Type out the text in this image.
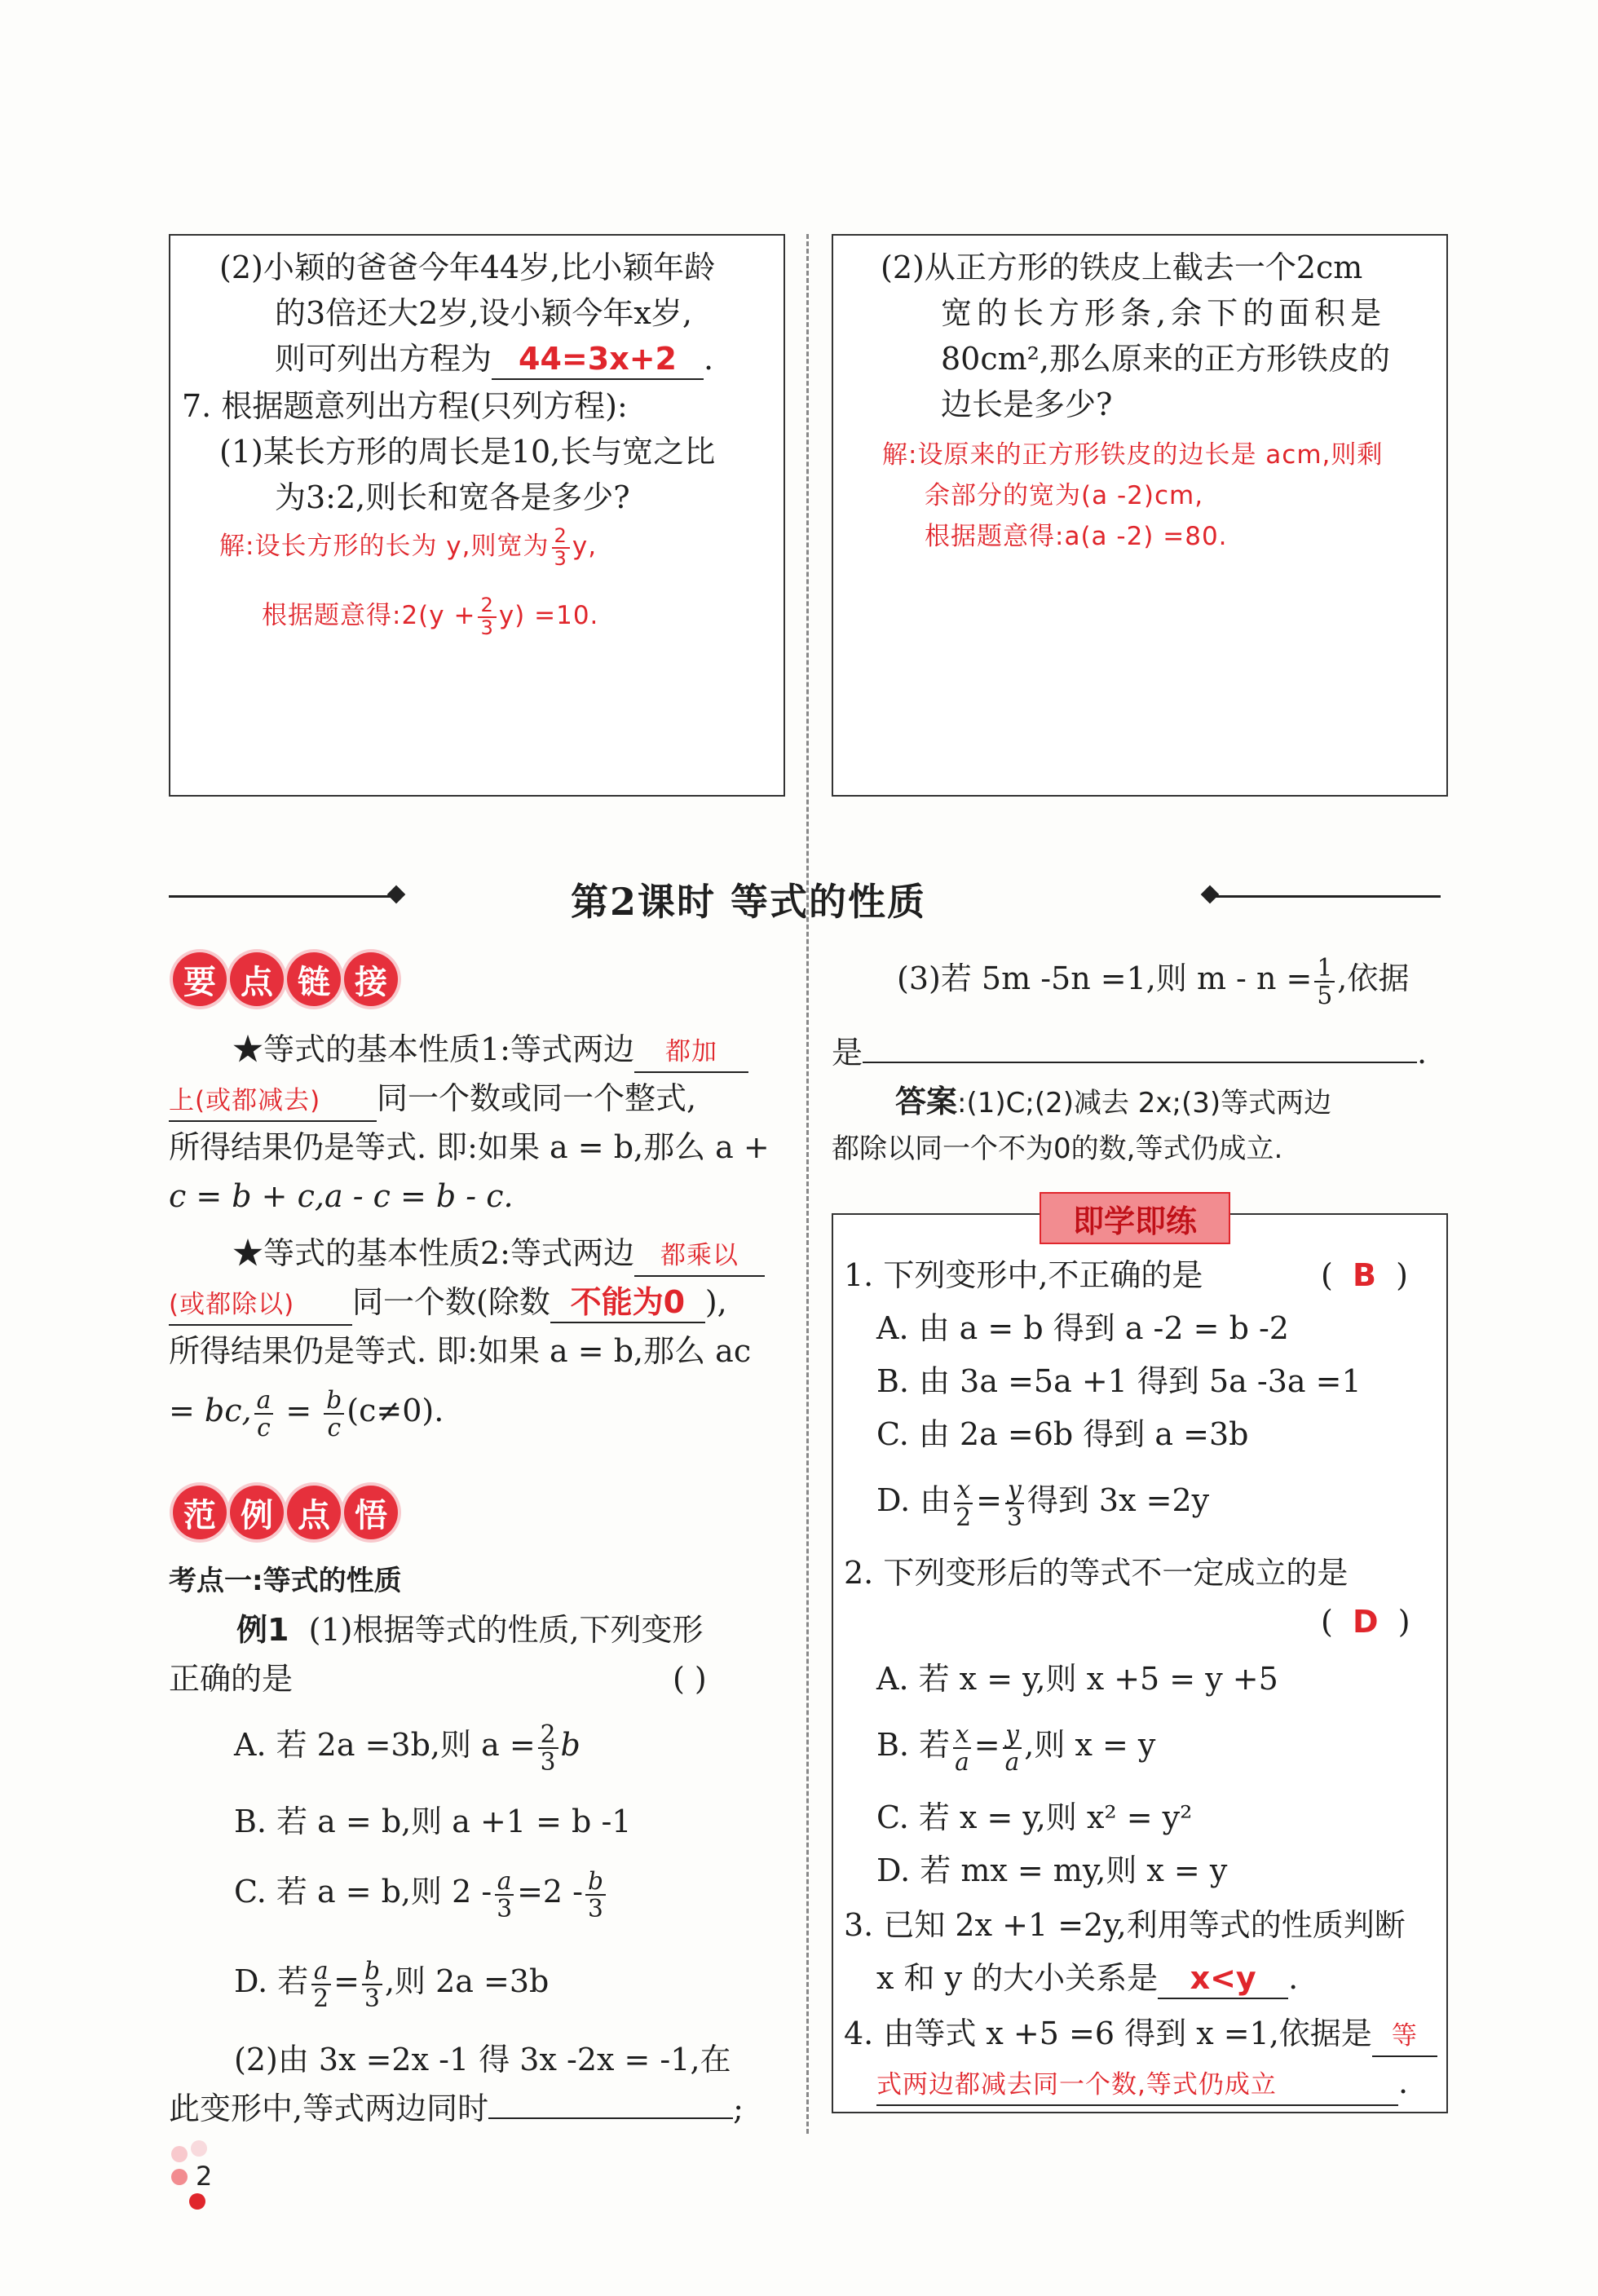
(2)小颖的爸爸今年44岁,比小颖年龄
的3倍还大2岁,设小颖今年x岁,
则可列出方程为 44=3x+2 .
7. 根据题意列出方程(只列方程):
(1)某长方形的周长是10,长与宽之比
为3:2,则长和宽各是多少?
解:设长方形的长为 y,则宽为 $\frac{2}{3} y$,
根据题意得:2(y + $\frac{2}{3} y) =10$.
(2)从正方形的铁皮上截去一个2cm
宽的长方形条,余下的面积是
80cm²,那么原来的正方形铁皮的
边长是多少?
解:设原来的正方形铁皮的边长是 acm,则剩
余部分的宽为(a -2)cm,
根据题意得:a(a -2) =80.
第2课时 等式的性质
要 点 链 接
★等式的基本性质1:等式两边 都加
上(或都减去) 同一个数或同一个整式,
所得结果仍是等式. 即:如果 a = b,那么 a +
c = b + c,a - c = b - c.
★等式的基本性质2:等式两边 都乘以
(或都除以) 同一个数(除数 不能为0 ),
所得结果仍是等式. 即:如果 a = b,那么 ac
= bc, $\frac{a}{c} = \frac{b}{c} (c\ne 0)$.
范 例 点 悟
考点一:等式的性质
例1 (1)根据等式的性质,下列变形
正确的是	( )
A. 若 2a =3b,则 $a = \frac{2}{3}$ b
B. 若 a = b,则 a +1 = b -1
C. 若 a = b,则 $2 - \frac{a}{3} =2 - \frac{b}{3}$
D. 若 $\frac{a}{2} = \frac{b}{3}$ ,则 2a =3b
(2)由 3x =2x -1 得 3x -2x = -1,在
此变形中,等式两边同时	;
(3)若 5m -5n =1,则 $m - n = \frac{1}{5}$ ,依据
是	.
答案:(1)C;(2)减去 2x;(3)等式两边
都除以同一个不为0的数,等式仍成立.
即学即练
1. 下列变形中,不正确的是	(  B  )
A. 由 a = b 得到 a -2 = b -2
B. 由 3a =5a +1 得到 5a -3a =1
C. 由 2a =6b 得到 a =3b
D. 由 $\frac{x}{2} = \frac{y}{3}$ 得到 3x =2y
2. 下列变形后的等式不一定成立的是
(  D  )
A. 若 x = y,则 x +5 = y +5
B. 若 $\frac{x}{a} = \frac{y}{a}$ ,则 x = y
C. 若 x = y,则 x² = y²
D. 若 mx = my,则 x = y
3. 已知 2x +1 =2y,利用等式的性质判断
x 和 y 的大小关系是 x<y .
4. 由等式 x +5 =6 得到 x =1,依据是 等
式两边都减去同一个数,等式仍成立	.
2
